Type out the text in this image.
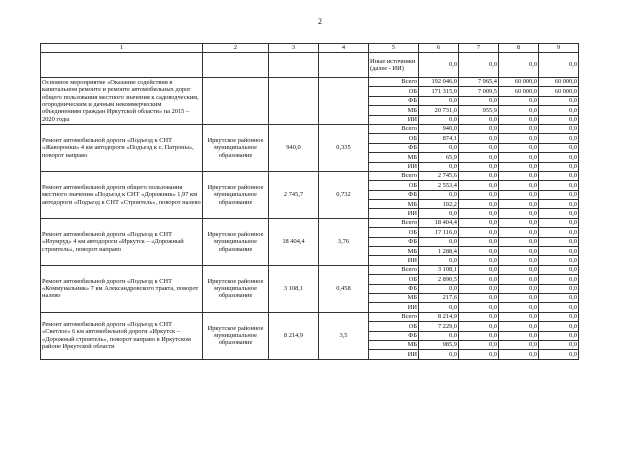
2
1	2	3	4	5	6	7	8	9
				Иные источники (далее - ИИ)	0,0	0,0	0,0	0,0
Основное мероприятие «Оказание содействия в капитальном ремонте и ремонте автомобильных дорог общего пользования местного значения к садоводческим, огородническим и дачным некоммерческим объединениям граждан Иркутской области» на 2015 – 2020 годы				Всего	192 046,0	7 965,4	60 000,0	60 000,0
				ОБ	171 315,0	7 009,5	60 000,0	60 000,0
				ФБ	0,0	0,0	0,0	0,0
				МБ	20 731,0	955,9	0,0	0,0
				ИИ	0,0	0,0	0,0	0,0
Ремонт автомобильной дороги «Подъезд к СНТ «Жаворонки» 4 км автодороги «Подъезд к с. Патроны», поворот направо	Иркутское районное муниципальное образование	940,0	0,335	Всего	940,0	0,0	0,0	0,0
				ОБ	874,1	0,0	0,0	0,0
				ФБ	0,0	0,0	0,0	0,0
				МБ	65,9	0,0	0,0	0,0
				ИИ	0,0	0,0	0,0	0,0
Ремонт автомобильной дороги общего пользования местного значения «Подъезд к СНТ «Дорожник» 1,97 км автодороги «Подъезд к СНТ «Строитель», поворот налево	Иркутское районное муниципальное образование	2 745,7	0,732	Всего	2 745,6	0,0	0,0	0,0
				ОБ	2 553,4	0,0	0,0	0,0
				ФБ	0,0	0,0	0,0	0,0
				МБ	192,2	0,0	0,0	0,0
				ИИ	0,0	0,0	0,0	0,0
Ремонт автомобильной дороги «Подъезд к СНТ «Изумруд» 4 км автодороги «Иркутск – «Дорожный строитель», поворот направо	Иркутское районное муниципальное образование	18 404,4	3,76	Всего	18 404,4	0,0	0,0	0,0
				ОБ	17 116,0	0,0	0,0	0,0
				ФБ	0,0	0,0	0,0	0,0
				МБ	1 288,4	0,0	0,0	0,0
				ИИ	0,0	0,0	0,0	0,0
Ремонт автомобильной дороги «Подъезд к СНТ «Коммунальник» 7 км Александровского тракта, поворот налево	Иркутское районное муниципальное образование	3 108,1	0,458	Всего	3 108,1	0,0	0,0	0,0
				ОБ	2 890,5	0,0	0,0	0,0
				ФБ	0,0	0,0	0,0	0,0
				МБ	217,6	0,0	0,0	0,0
				ИИ	0,0	0,0	0,0	0,0
Ремонт автомобильной дороги «Подъезд к СНТ «Светлое» 6 км автомобильной дороги «Иркутск – «Дорожный строитель», поворот направо в Иркутском районе Иркутской области	Иркутское районное муниципальное образование	8 214,9	3,5	Всего	8 214,9	0,0	0,0	0,0
				ОБ	7 229,0	0,0	0,0	0,0
				ФБ	0,0	0,0	0,0	0,0
				МБ	985,9	0,0	0,0	0,0
				ИИ	0,0	0,0	0,0	0,0
